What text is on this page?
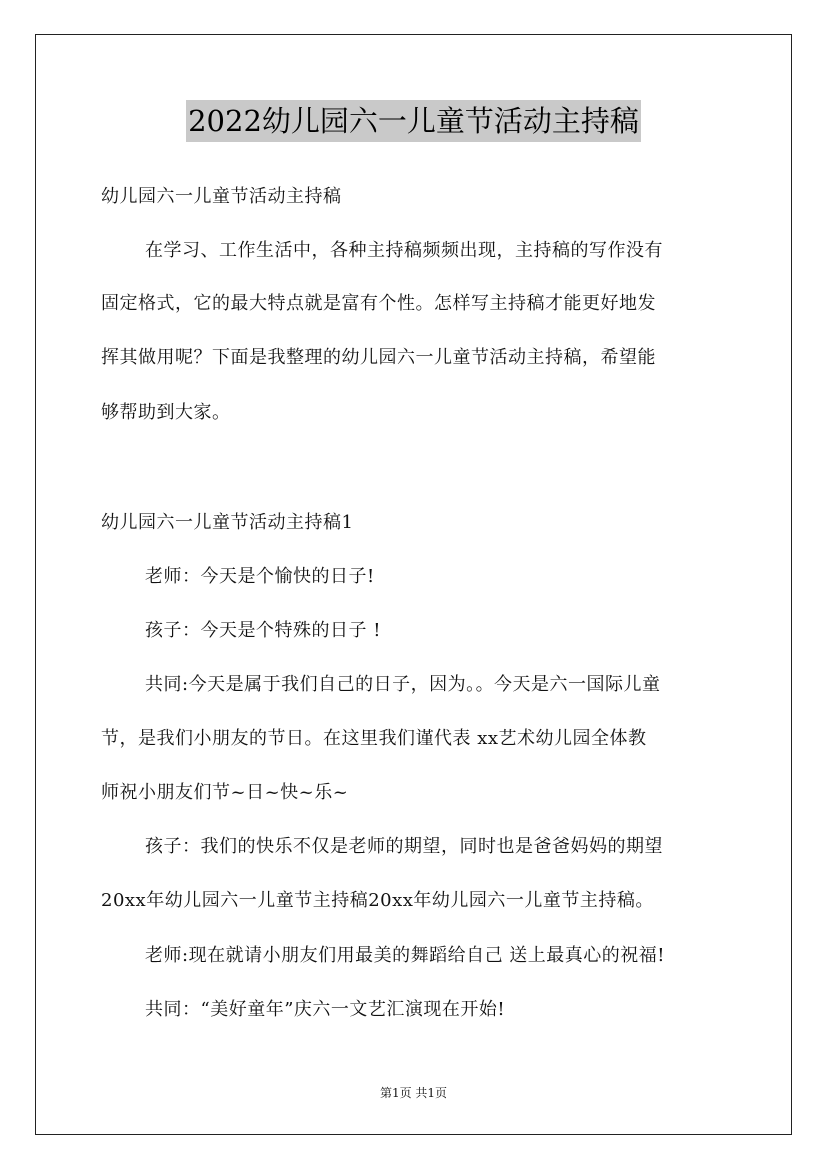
2022幼儿园六一儿童节活动主持稿
幼儿园六一儿童节活动主持稿
在学习、工作生活中，各种主持稿频频出现，主持稿的写作没有
固定格式，它的最大特点就是富有个性。怎样写主持稿才能更好地发
挥其做用呢？下面是我整理的幼儿园六一儿童节活动主持稿，希望能
够帮助到大家。
幼儿园六一儿童节活动主持稿1
老师：今天是个愉快的日子!
孩子：今天是个特殊的日子 !
共同:今天是属于我们自己的日子，因为。。今天是六一国际儿童
节，是我们小朋友的节日。在这里我们谨代表 xx艺术幼儿园全体教
师祝小朋友们节~日~快~乐~
孩子：我们的快乐不仅是老师的期望，同时也是爸爸妈妈的期望
20xx年幼儿园六一儿童节主持稿20xx年幼儿园六一儿童节主持稿。
老师:现在就请小朋友们用最美的舞蹈给自己 送上最真心的祝福!
共同：“美好童年”庆六一文艺汇演现在开始!
第1页 共1页
